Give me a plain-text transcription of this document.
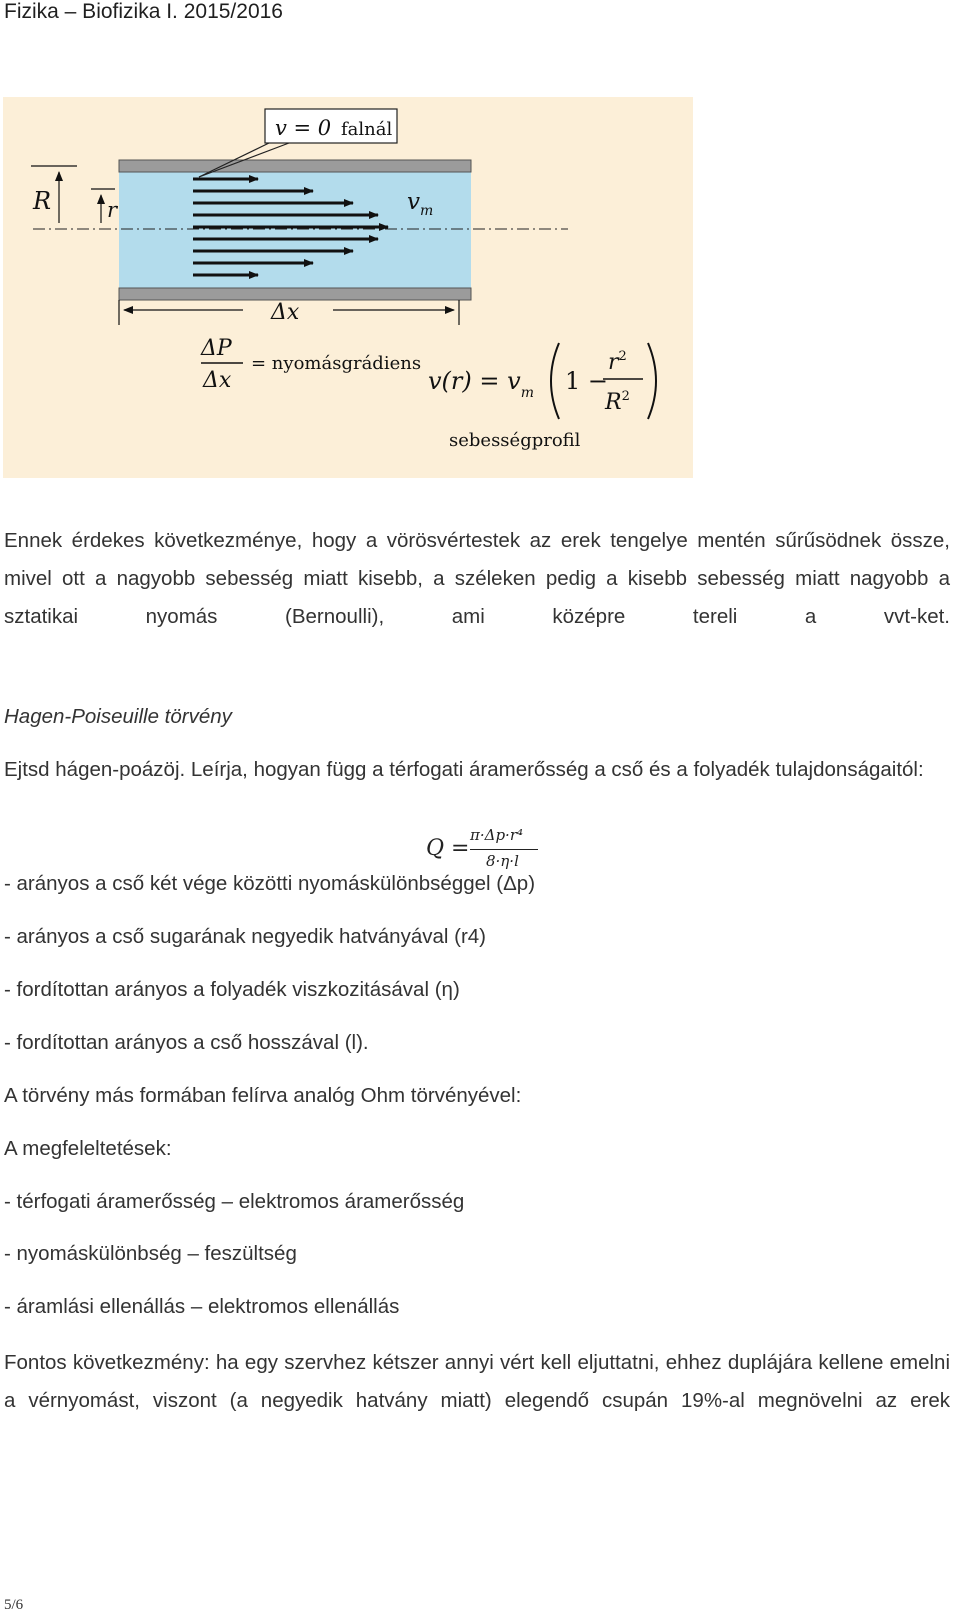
Fizika – Biofizika I. 2015/2016
v = 0 falnál
R	r	$v_m$
Δx
ΔP
Δx
= nyomásgrádiens
$v(r) = v_m$ 1 −
$r^2$
$R^2$
sebességprofil
Ennek érdekes következménye, hogy a vörösvértestek az erek tengelye mentén sűrűsödnek össze, mivel ott a nagyobb sebesség miatt kisebb, a széleken pedig a kisebb sebesség miatt nagyobb a sztatikai nyomás (Bernoulli), ami középre tereli a vvt-ket.
Hagen-Poiseuille törvény
Ejtsd hágen-poázöj. Leírja, hogyan függ a térfogati áramerősség a cső és a folyadék tulajdonságaitól:
Q =
π·Δp·r⁴
8·η·l
- arányos a cső két vége közötti nyomáskülönbséggel (Δp)
- arányos a cső sugarának negyedik hatványával (r4)
- fordítottan arányos a folyadék viszkozitásával (η)
- fordítottan arányos a cső hosszával (l).
A törvény más formában felírva analóg Ohm törvényével:
A megfeleltetések:
- térfogati áramerősség – elektromos áramerősség
- nyomáskülönbség – feszültség
- áramlási ellenállás – elektromos ellenállás
Fontos következmény: ha egy szervhez kétszer annyi vért kell eljuttatni, ehhez duplájára kellene emelni a vérnyomást, viszont (a negyedik hatvány miatt) elegendő csupán 19%-al megnövelni az erek
5/6
